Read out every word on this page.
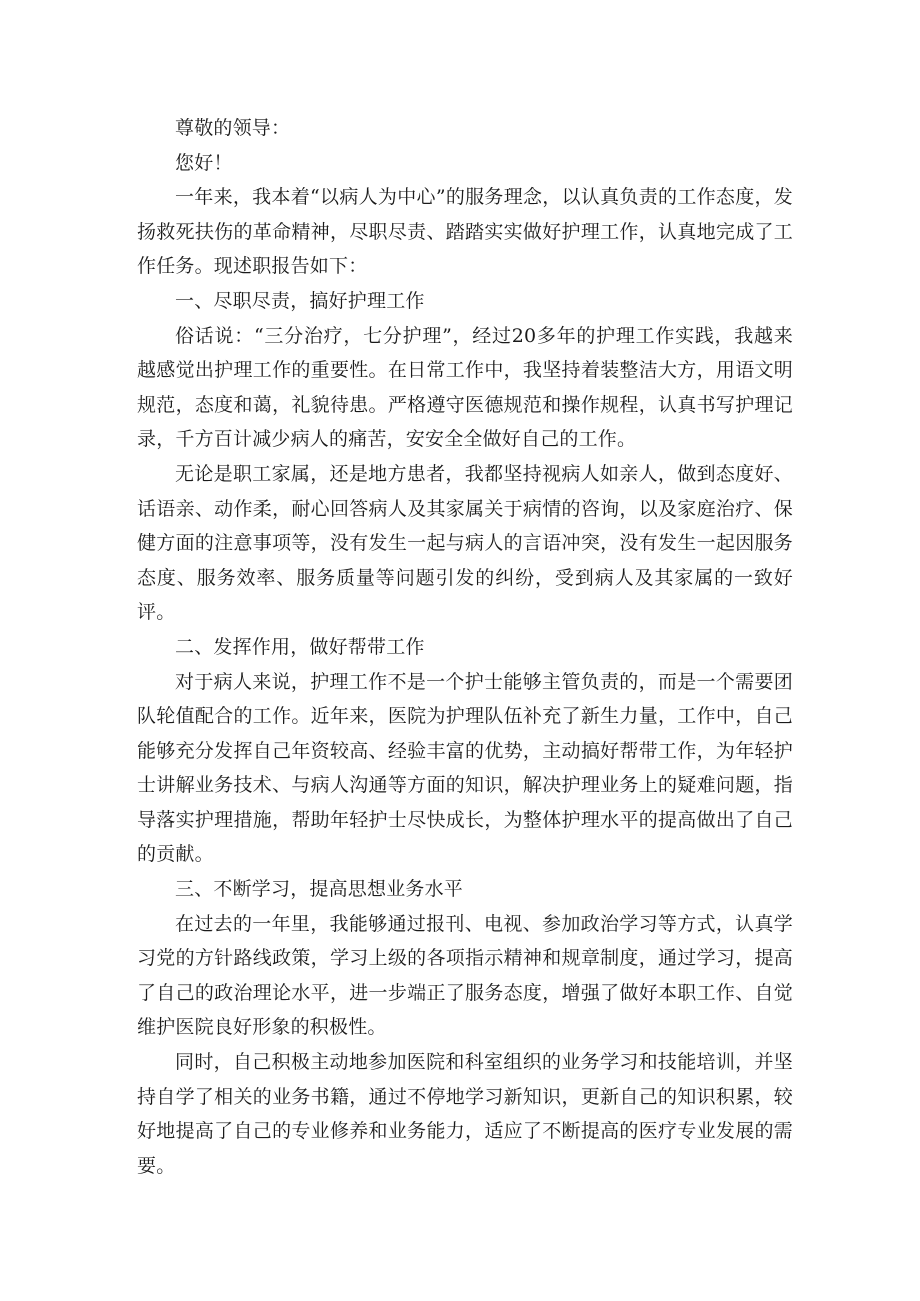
尊敬的领导：

您好！

一年来，我本着“以病人为中心”的服务理念，以认真负责的工作态度，发扬救死扶伤的革命精神，尽职尽责、踏踏实实做好护理工作，认真地完成了工作任务。现述职报告如下：

一、尽职尽责，搞好护理工作

俗话说：“三分治疗，七分护理”，经过20多年的护理工作实践，我越来越感觉出护理工作的重要性。在日常工作中，我坚持着装整洁大方，用语文明规范，态度和蔼，礼貌待患。严格遵守医德规范和操作规程，认真书写护理记录，千方百计减少病人的痛苦，安安全全做好自己的工作。

无论是职工家属，还是地方患者，我都坚持视病人如亲人，做到态度好、话语亲、动作柔，耐心回答病人及其家属关于病情的咨询，以及家庭治疗、保健方面的注意事项等，没有发生一起与病人的言语冲突，没有发生一起因服务态度、服务效率、服务质量等问题引发的纠纷，受到病人及其家属的一致好评。

二、发挥作用，做好帮带工作

对于病人来说，护理工作不是一个护士能够主管负责的，而是一个需要团队轮值配合的工作。近年来，医院为护理队伍补充了新生力量，工作中，自己能够充分发挥自己年资较高、经验丰富的优势，主动搞好帮带工作，为年轻护士讲解业务技术、与病人沟通等方面的知识，解决护理业务上的疑难问题，指导落实护理措施，帮助年轻护士尽快成长，为整体护理水平的提高做出了自己的贡献。

三、不断学习，提高思想业务水平

在过去的一年里，我能够通过报刊、电视、参加政治学习等方式，认真学习党的方针路线政策，学习上级的各项指示精神和规章制度，通过学习，提高了自己的政治理论水平，进一步端正了服务态度，增强了做好本职工作、自觉维护医院良好形象的积极性。

同时，自己积极主动地参加医院和科室组织的业务学习和技能培训，并坚持自学了相关的业务书籍，通过不停地学习新知识，更新自己的知识积累，较好地提高了自己的专业修养和业务能力，适应了不断提高的医疗专业发展的需要。
